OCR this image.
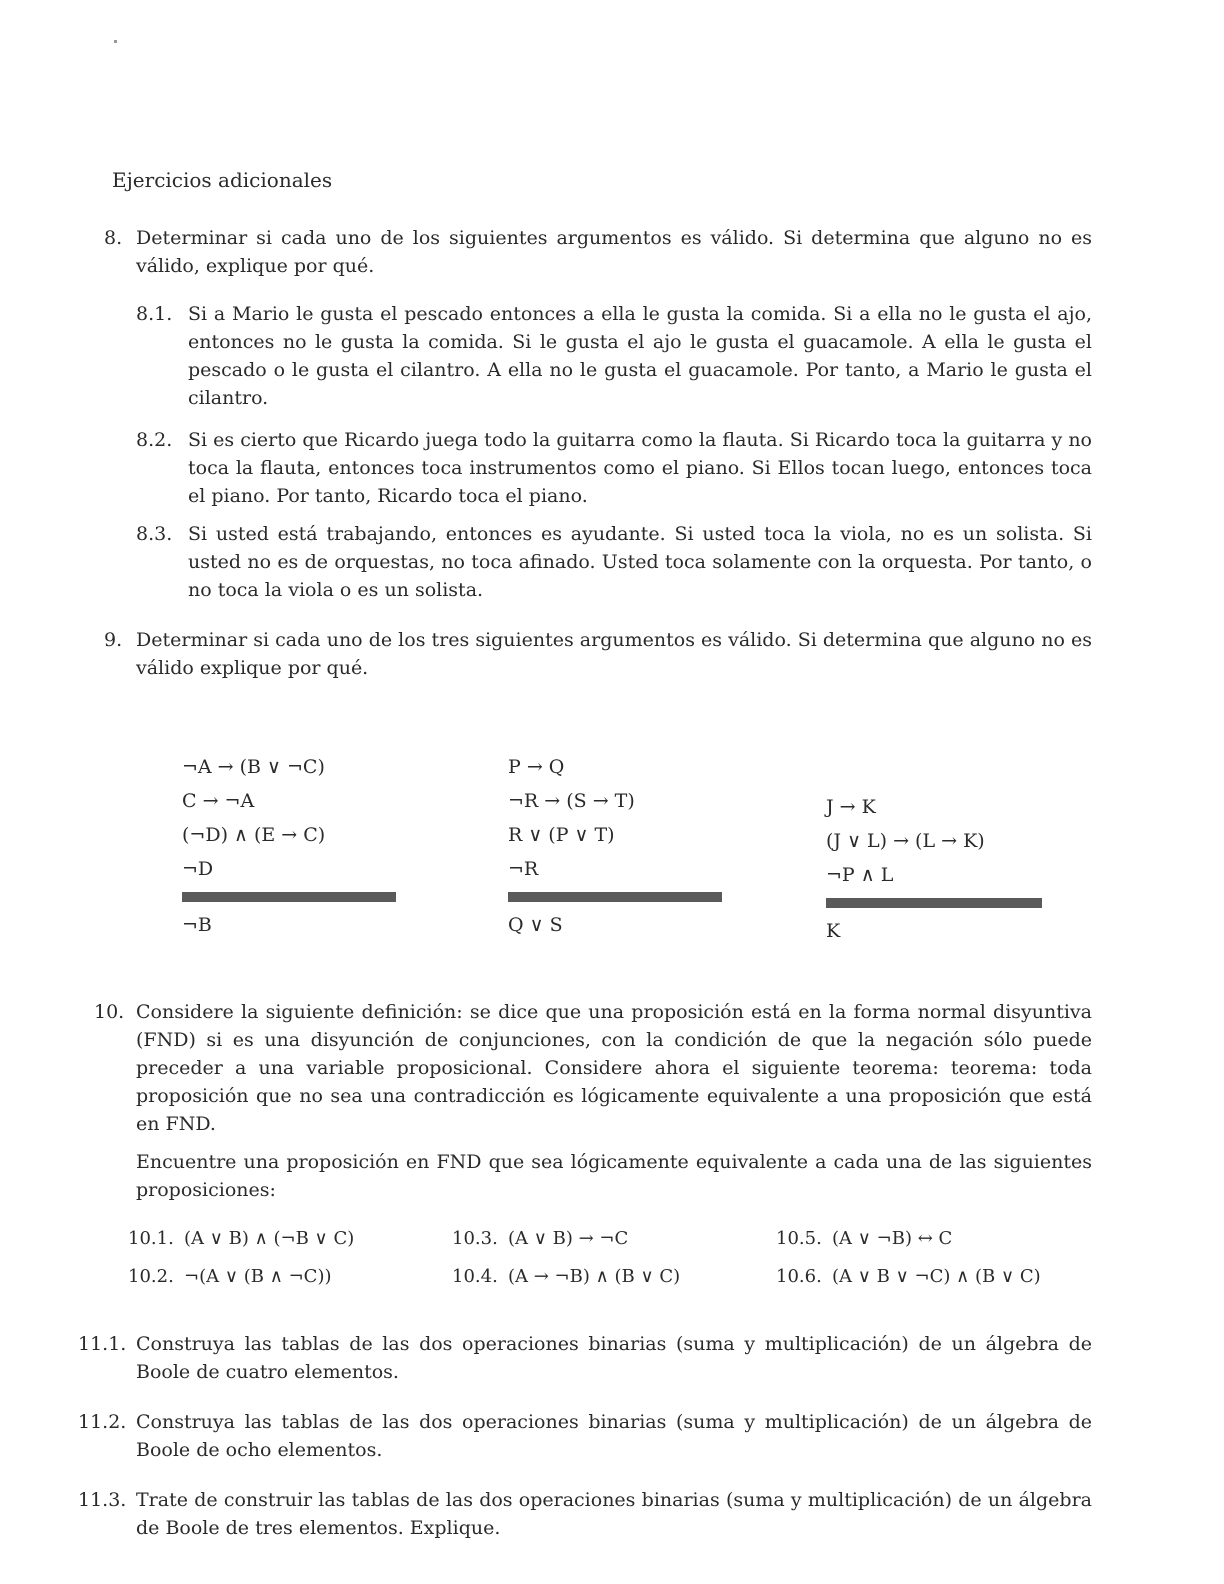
Ejercicios adicionales
8. Determinar si cada uno de los siguientes argumentos es válido. Si determina que alguno no es válido, explique por qué.
8.1. Si a Mario le gusta el pescado entonces a ella le gusta la comida. Si a ella no le gusta el ajo, entonces no le gusta la comida. Si le gusta el ajo le gusta el guacamole. A ella le gusta el pescado o le gusta el cilantro. A ella no le gusta el guacamole. Por tanto, a Mario le gusta el cilantro.
8.2. Si es cierto que Ricardo juega todo la guitarra como la flauta. Si Ricardo toca la guitarra y no toca la flauta, entonces toca instrumentos como el piano. Si Ellos tocan luego, entonces toca el piano. Por tanto, Ricardo toca el piano.
8.3. Si usted está trabajando, entonces es ayudante. Si usted toca la viola, no es un solista. Si usted no es de orquestas, no toca afinado. Usted toca solamente con la orquesta. Por tanto, o no toca la viola o es un solista.
9. Determinar si cada uno de los tres siguientes argumentos es válido. Si determina que alguno no es válido explique por qué.
¬A → (B ∨ ¬C)
C → ¬A
(¬D) ∧ (E → C)
¬D
¬B
P → Q
¬R → (S → T)
R ∨ (P ∨ T)
¬R
Q ∨ S
J → K
(J ∨ L) → (L → K)
¬P ∧ L
K
10. Considere la siguiente definición: se dice que una proposición está en la forma normal disyuntiva (FND) si es una disyunción de conjunciones, con la condición de que la negación sólo puede preceder a una variable proposicional. Considere ahora el siguiente teorema: teorema: toda proposición que no sea una contradicción es lógicamente equivalente a una proposición que está en FND.
Encuentre una proposición en FND que sea lógicamente equivalente a cada una de las siguientes proposiciones:
10.1. (A ∨ B) ∧ (¬B ∨ C)
10.2. ¬(A ∨ (B ∧ ¬C))
10.3. (A ∨ B) → ¬C
10.4. (A → ¬B) ∧ (B ∨ C)
10.5. (A ∨ ¬B) ↔ C
10.6. (A ∨ B ∨ ¬C) ∧ (B ∨ C)
11.1. Construya las tablas de las dos operaciones binarias (suma y multiplicación) de un álgebra de Boole de cuatro elementos.
11.2. Construya las tablas de las dos operaciones binarias (suma y multiplicación) de un álgebra de Boole de ocho elementos.
11.3. Trate de construir las tablas de las dos operaciones binarias (suma y multiplicación) de un álgebra de Boole de tres elementos. Explique.
